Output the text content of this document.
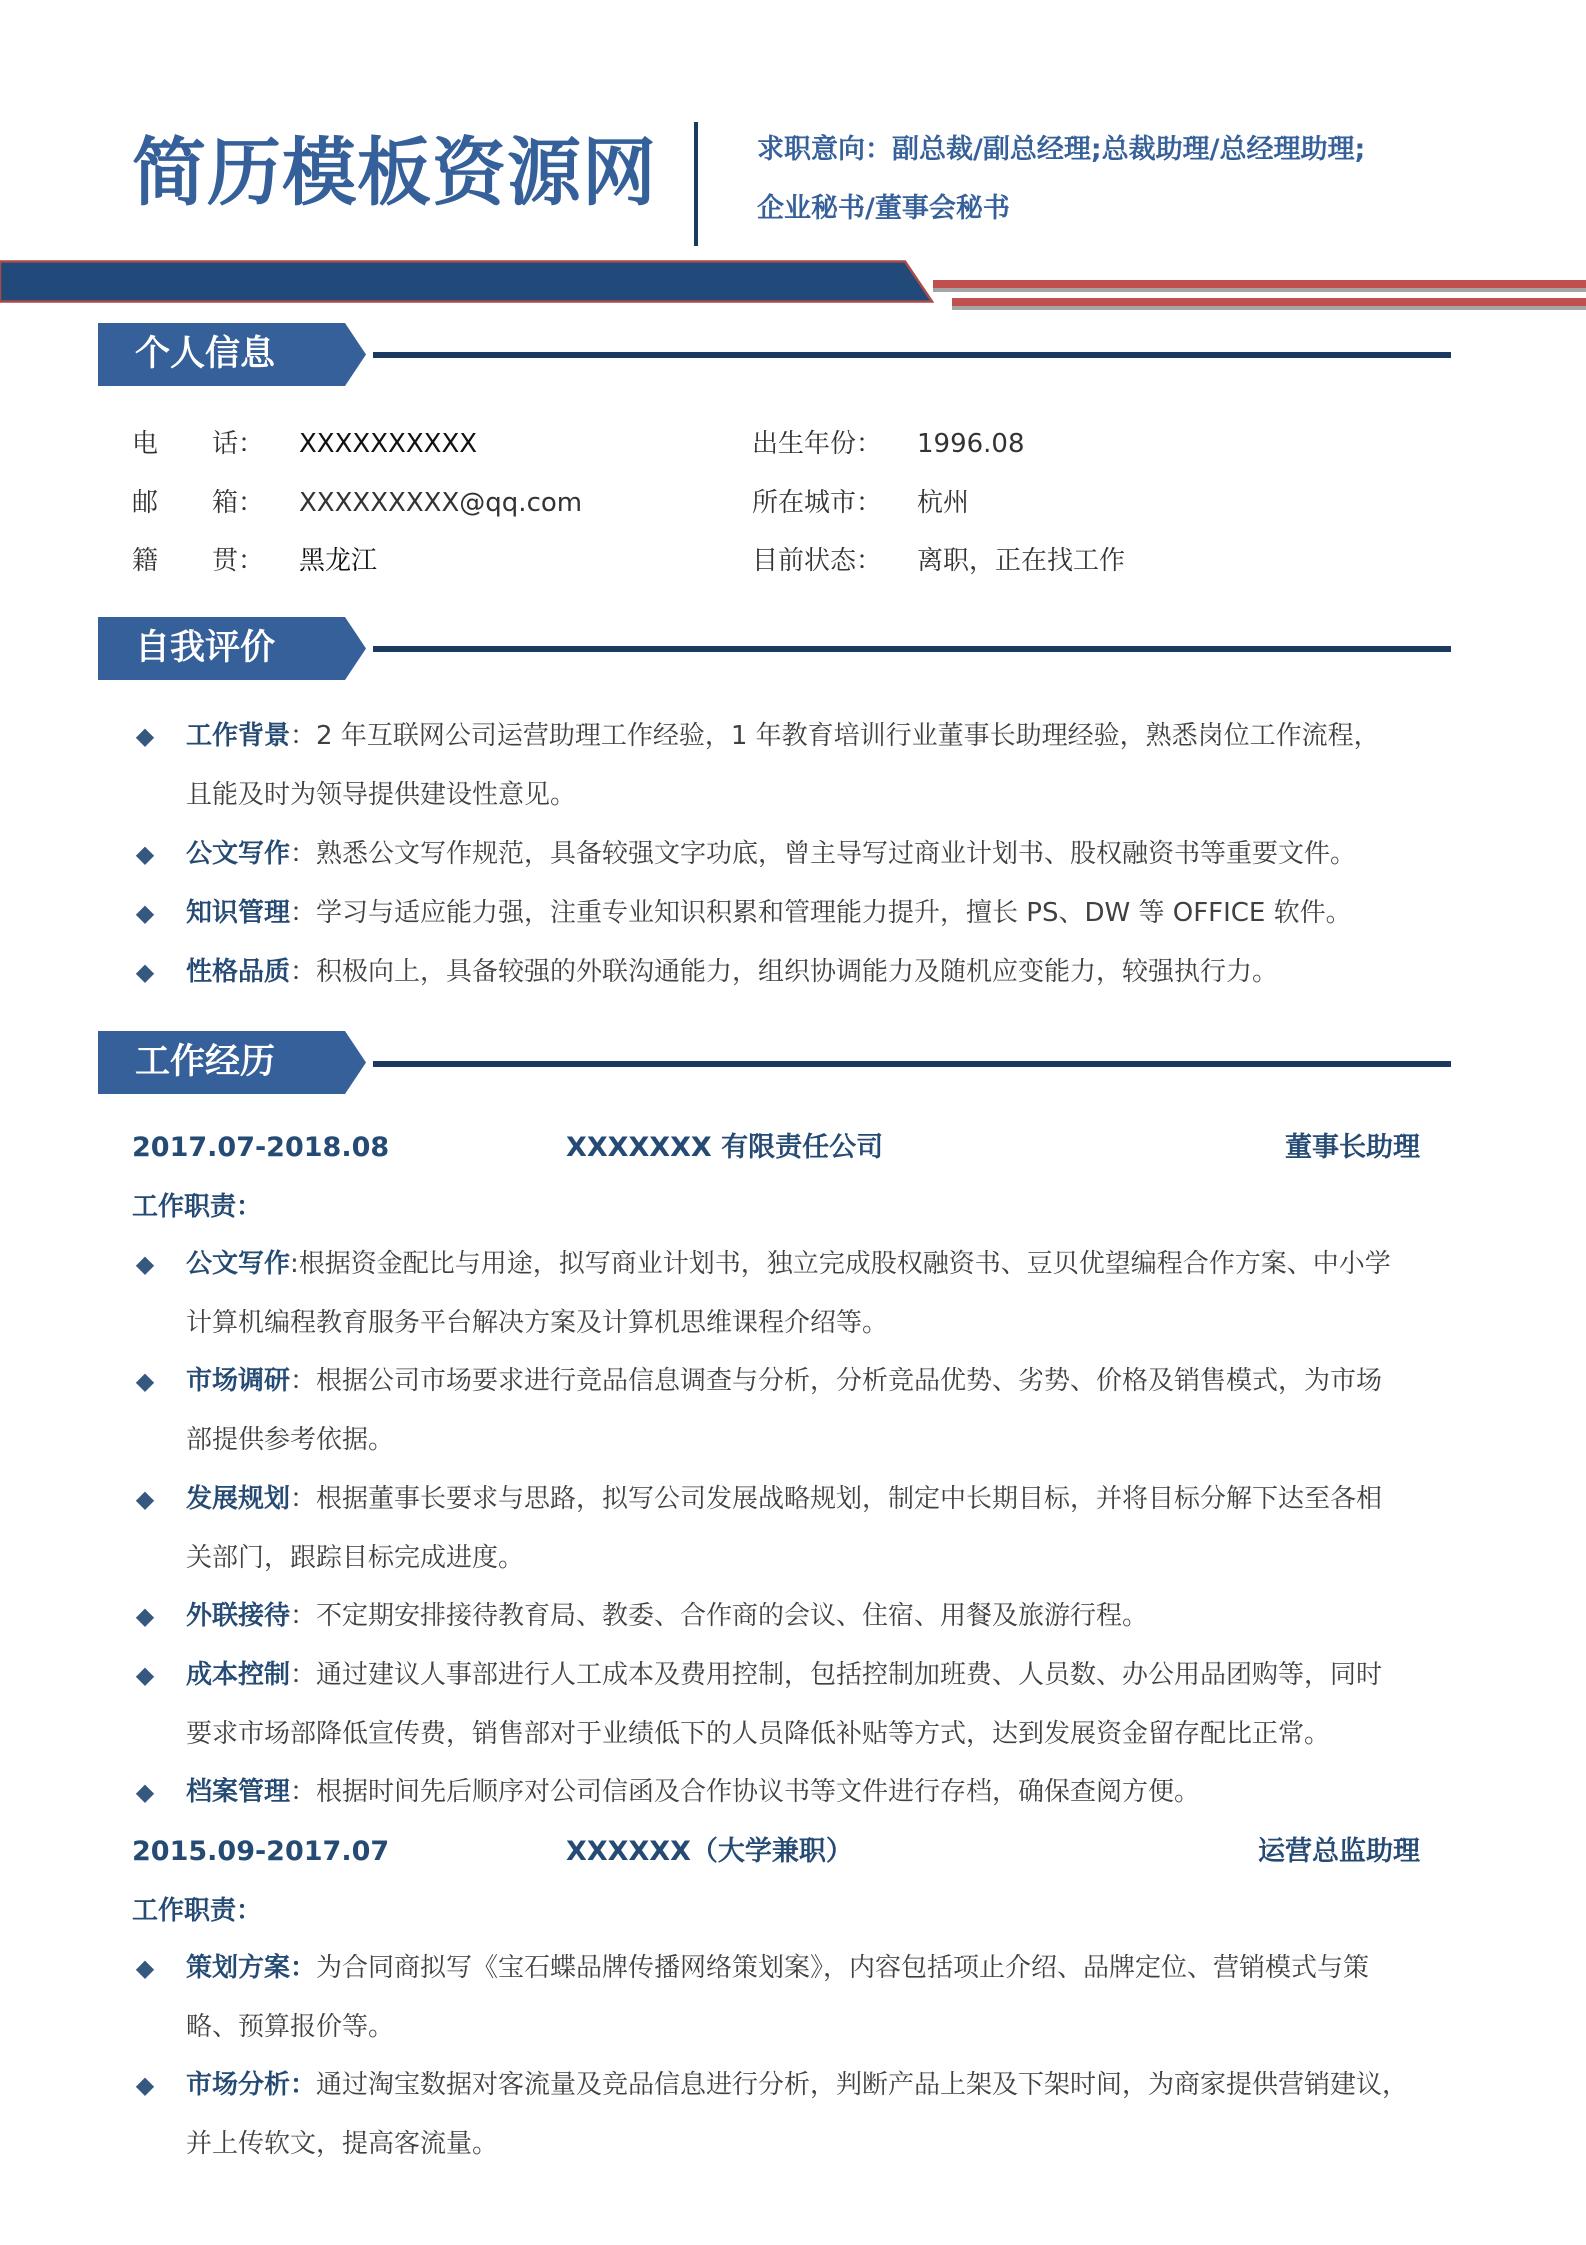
简历模板资源网	求职意向：副总裁/副总经理;总裁助理/总经理助理;
企业秘书/董事会秘书
个人信息
电 话： XXXXXXXXXX	出生年份： 1996.08
邮 箱： XXXXXXXXX@qq.com	所在城市： 杭州
籍 贯： 黑龙江	目前状态： 离职，正在找工作
自我评价
◆ 工作背景：2 年互联网公司运营助理工作经验，1 年教育培训行业董事长助理经验，熟悉岗位工作流程，
且能及时为领导提供建设性意见。
◆ 公文写作：熟悉公文写作规范，具备较强文字功底，曾主导写过商业计划书、股权融资书等重要文件。
◆ 知识管理：学习与适应能力强，注重专业知识积累和管理能力提升，擅长 PS、DW 等 OFFICE 软件。
◆ 性格品质：积极向上，具备较强的外联沟通能力，组织协调能力及随机应变能力，较强执行力。
工作经历
2017.07-2018.08	XXXXXXX 有限责任公司	董事长助理
工作职责：
◆ 公文写作:根据资金配比与用途，拟写商业计划书，独立完成股权融资书、豆贝优望编程合作方案、中小学
计算机编程教育服务平台解决方案及计算机思维课程介绍等。
◆ 市场调研：根据公司市场要求进行竞品信息调查与分析，分析竞品优势、劣势、价格及销售模式，为市场
部提供参考依据。
◆ 发展规划：根据董事长要求与思路，拟写公司发展战略规划，制定中长期目标，并将目标分解下达至各相
关部门，跟踪目标完成进度。
◆ 外联接待：不定期安排接待教育局、教委、合作商的会议、住宿、用餐及旅游行程。
◆ 成本控制：通过建议人事部进行人工成本及费用控制，包括控制加班费、人员数、办公用品团购等，同时
要求市场部降低宣传费，销售部对于业绩低下的人员降低补贴等方式，达到发展资金留存配比正常。
◆ 档案管理：根据时间先后顺序对公司信函及合作协议书等文件进行存档，确保查阅方便。
2015.09-2017.07	XXXXXX（大学兼职）	运营总监助理
工作职责：
◆ 策划方案：为合同商拟写《宝石蝶品牌传播网络策划案》，内容包括项止介绍、品牌定位、营销模式与策
略、预算报价等。
◆ 市场分析：通过淘宝数据对客流量及竞品信息进行分析，判断产品上架及下架时间，为商家提供营销建议，
并上传软文，提高客流量。
